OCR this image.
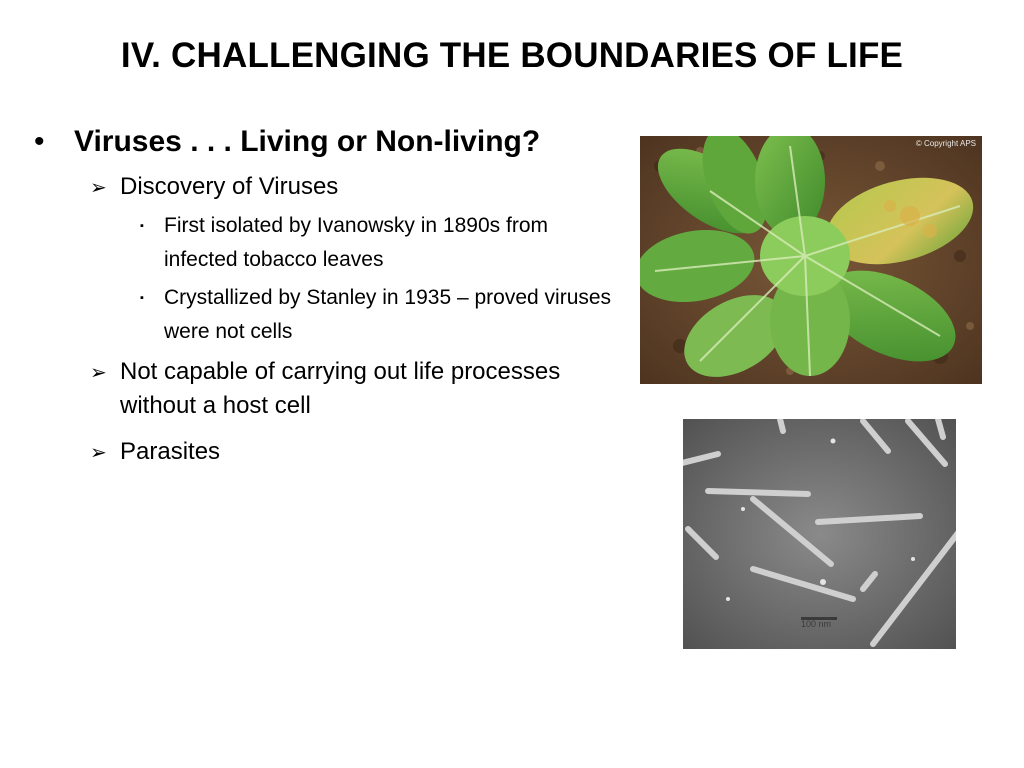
IV. CHALLENGING THE BOUNDARIES OF LIFE
• Viruses . . . Living or Non-living?
➢ Discovery of Viruses
▪ First isolated by Ivanowsky in 1890s from infected tobacco leaves
▪ Crystallized by Stanley in 1935 – proved viruses were not cells
➢ Not capable of carrying out life processes without a host cell
➢ Parasites
© Copyright APS
100 nm
